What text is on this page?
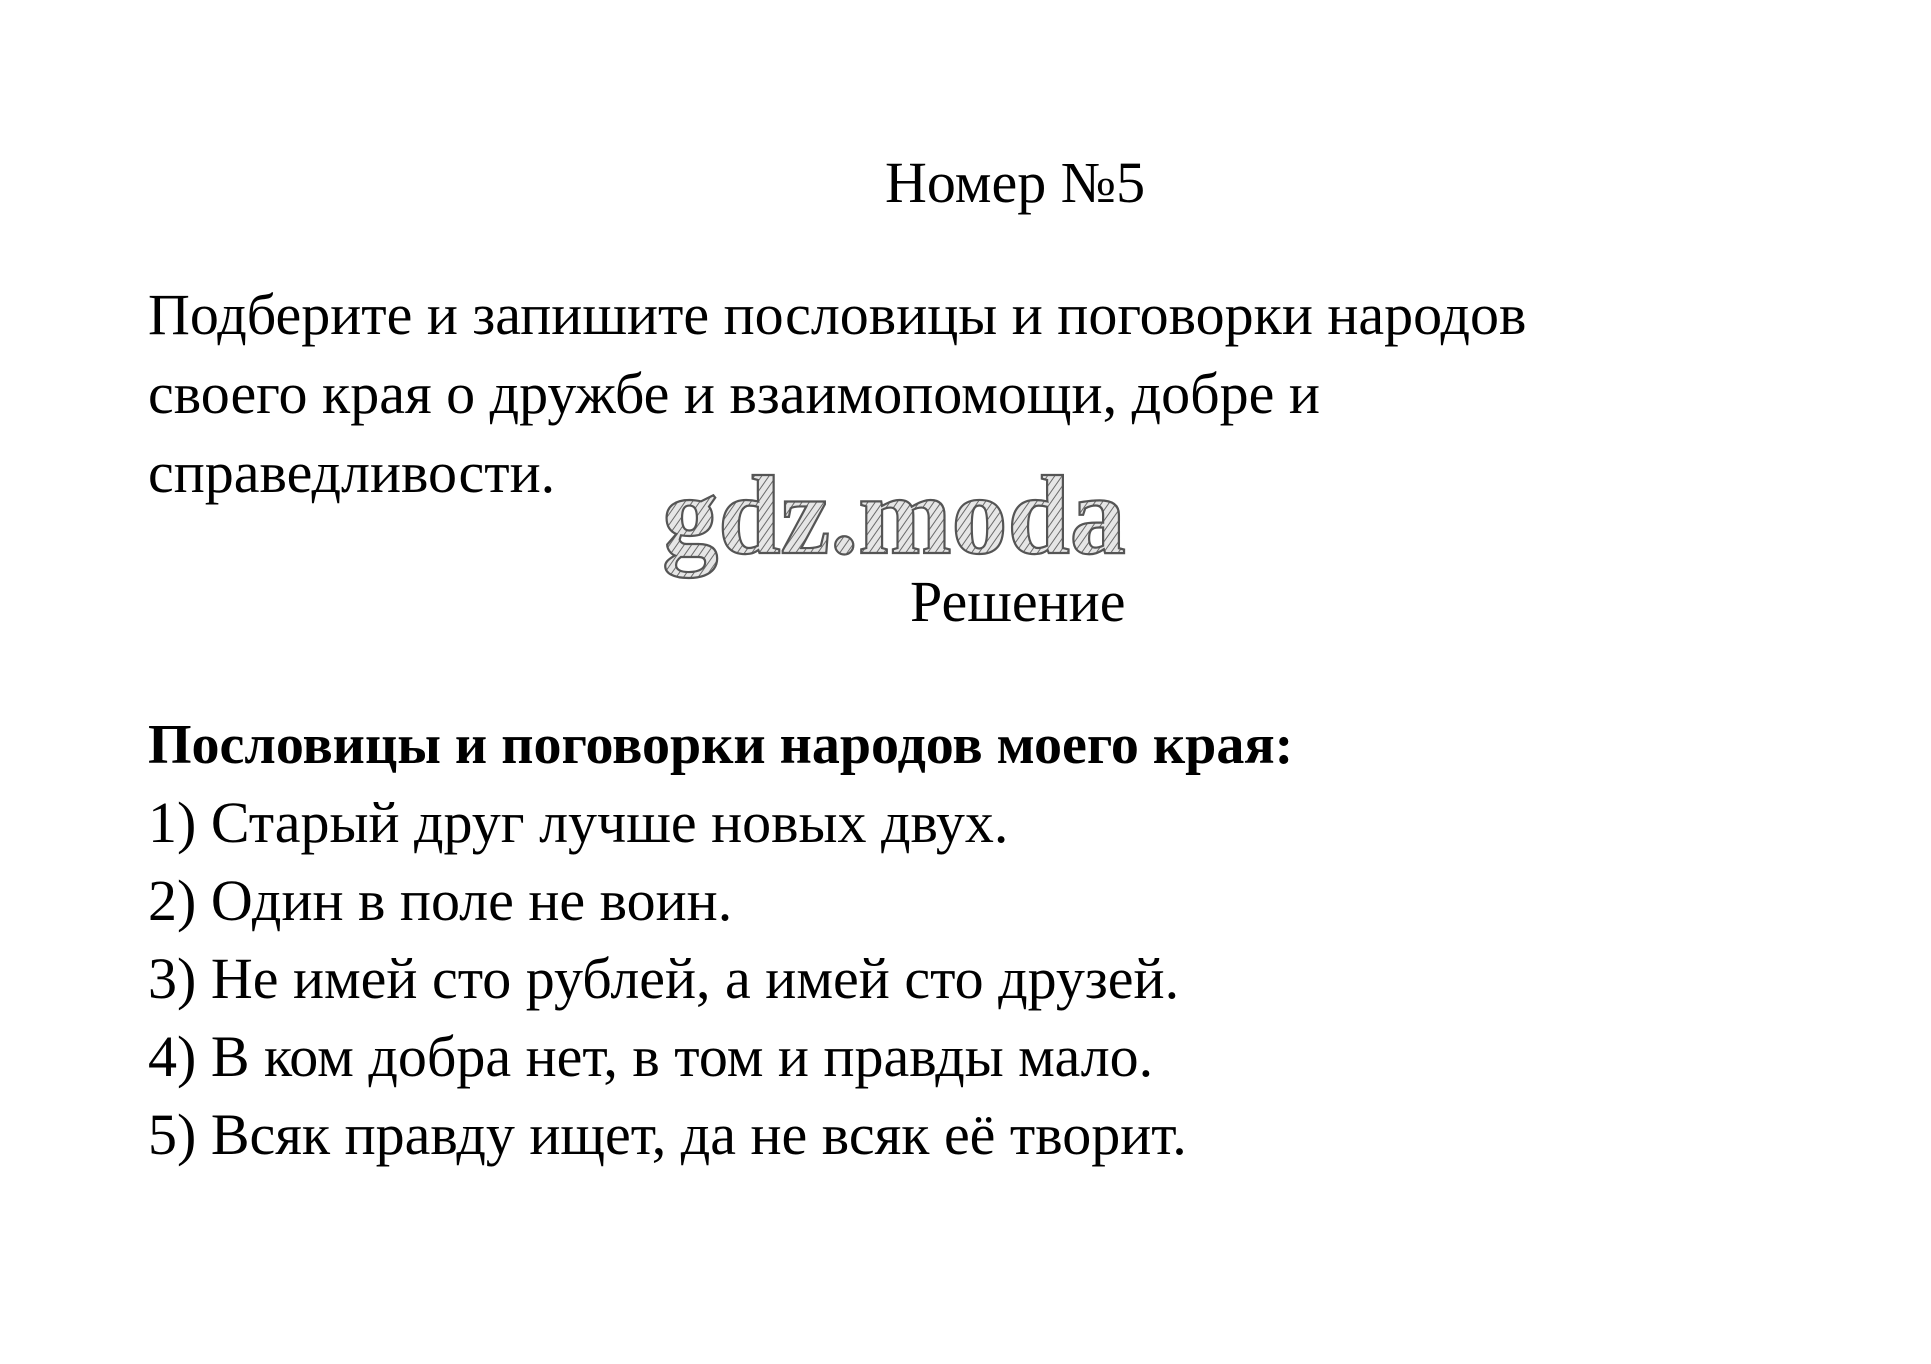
Номер №5
Подберите и запишите пословицы и поговорки народов
своего края о дружбе и взаимопомощи, добре и
справедливости. gdz.moda
Решение
Пословицы и поговорки народов моего края:
1) Старый друг лучше новых двух.
2) Один в поле не воин.
3) Не имей сто рублей, а имей сто друзей.
4) В ком добра нет, в том и правды мало.
5) Всяк правду ищет, да не всяк её творит.
